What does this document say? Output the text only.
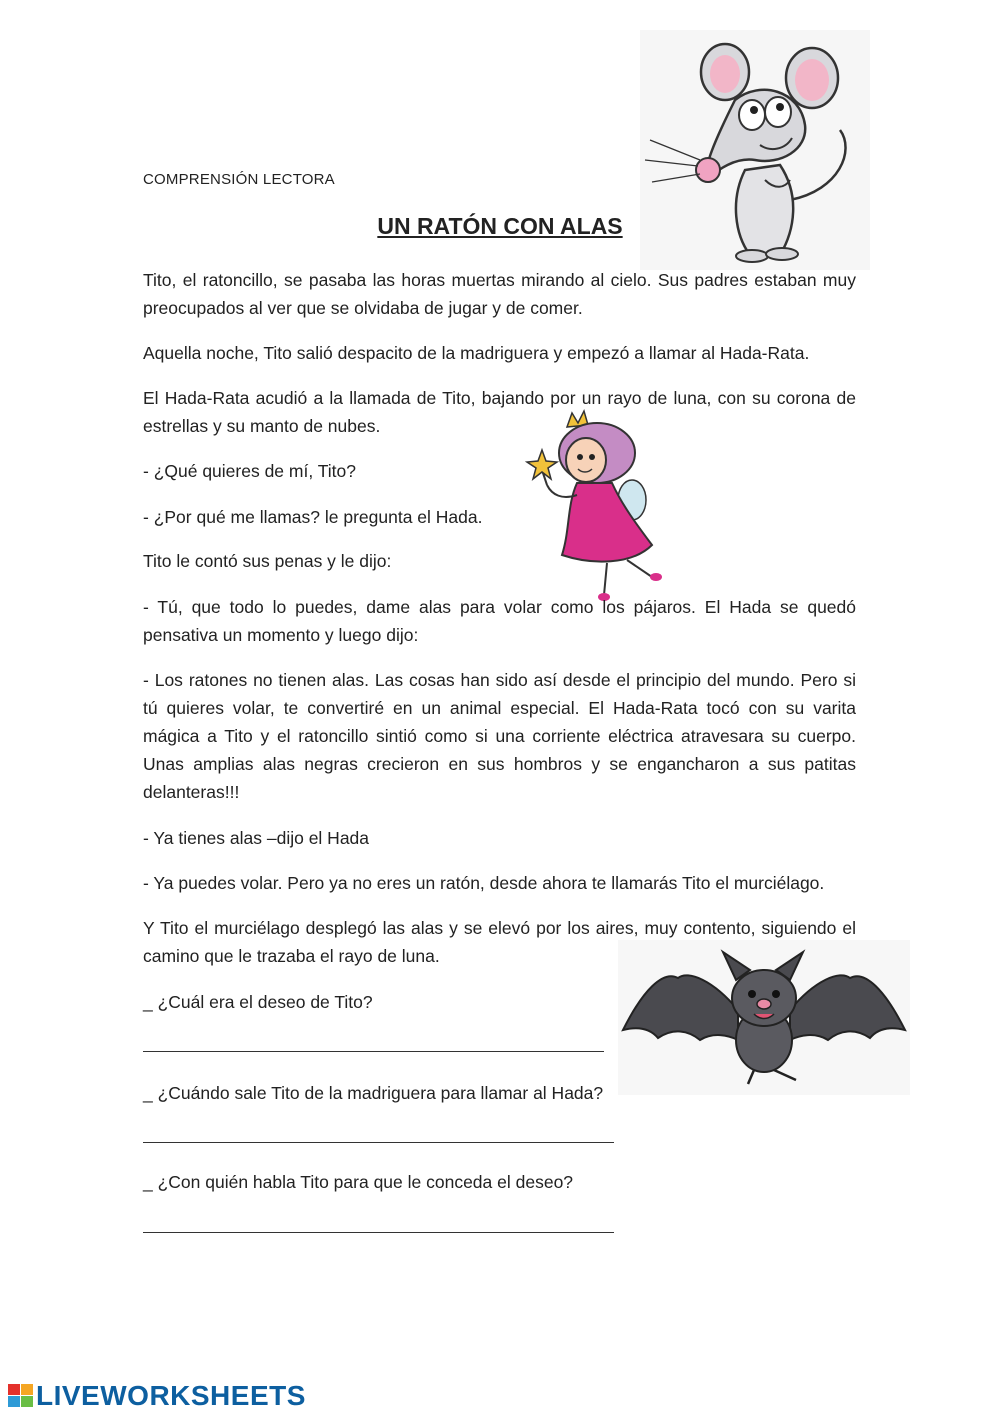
COMPRENSIÓN LECTORA
UN RATÓN CON ALAS

Tito, el ratoncillo, se pasaba las horas muertas mirando al cielo. Sus padres estaban muy preocupados al ver que se olvidaba de jugar y de comer.

Aquella noche, Tito salió despacito de la madriguera y empezó a llamar al Hada-Rata.

El Hada-Rata acudió a la llamada de Tito, bajando por un rayo de luna, con su corona de estrellas y su manto de nubes.

- ¿Qué quieres de mí, Tito?

- ¿Por qué me llamas? le pregunta el Hada.

Tito le contó sus penas y le dijo:

- Tú, que todo lo puedes, dame alas para volar como los pájaros. El Hada se quedó pensativa un momento y luego dijo:

- Los ratones no tienen alas. Las cosas han sido así desde el principio del mundo. Pero si tú quieres volar, te convertiré en un animal especial. El Hada-Rata tocó con su varita mágica a Tito y el ratoncillo sintió como si una corriente eléctrica atravesara su cuerpo. Unas amplias alas negras crecieron en sus hombros y se engancharon a sus patitas delanteras!!!

- Ya tienes alas –dijo el Hada

- Ya puedes volar. Pero ya no eres un ratón, desde ahora te llamarás Tito el murciélago.

Y Tito el murciélago desplegó las alas y se elevó por los aires, muy contento, siguiendo el camino que le trazaba el rayo de luna.

_ ¿Cuál era el deseo de Tito?
_ ¿Cuándo sale Tito de la madriguera para llamar al Hada?
_ ¿Con quién habla Tito para que le conceda el deseo?
LIVEWORKSHEETS
